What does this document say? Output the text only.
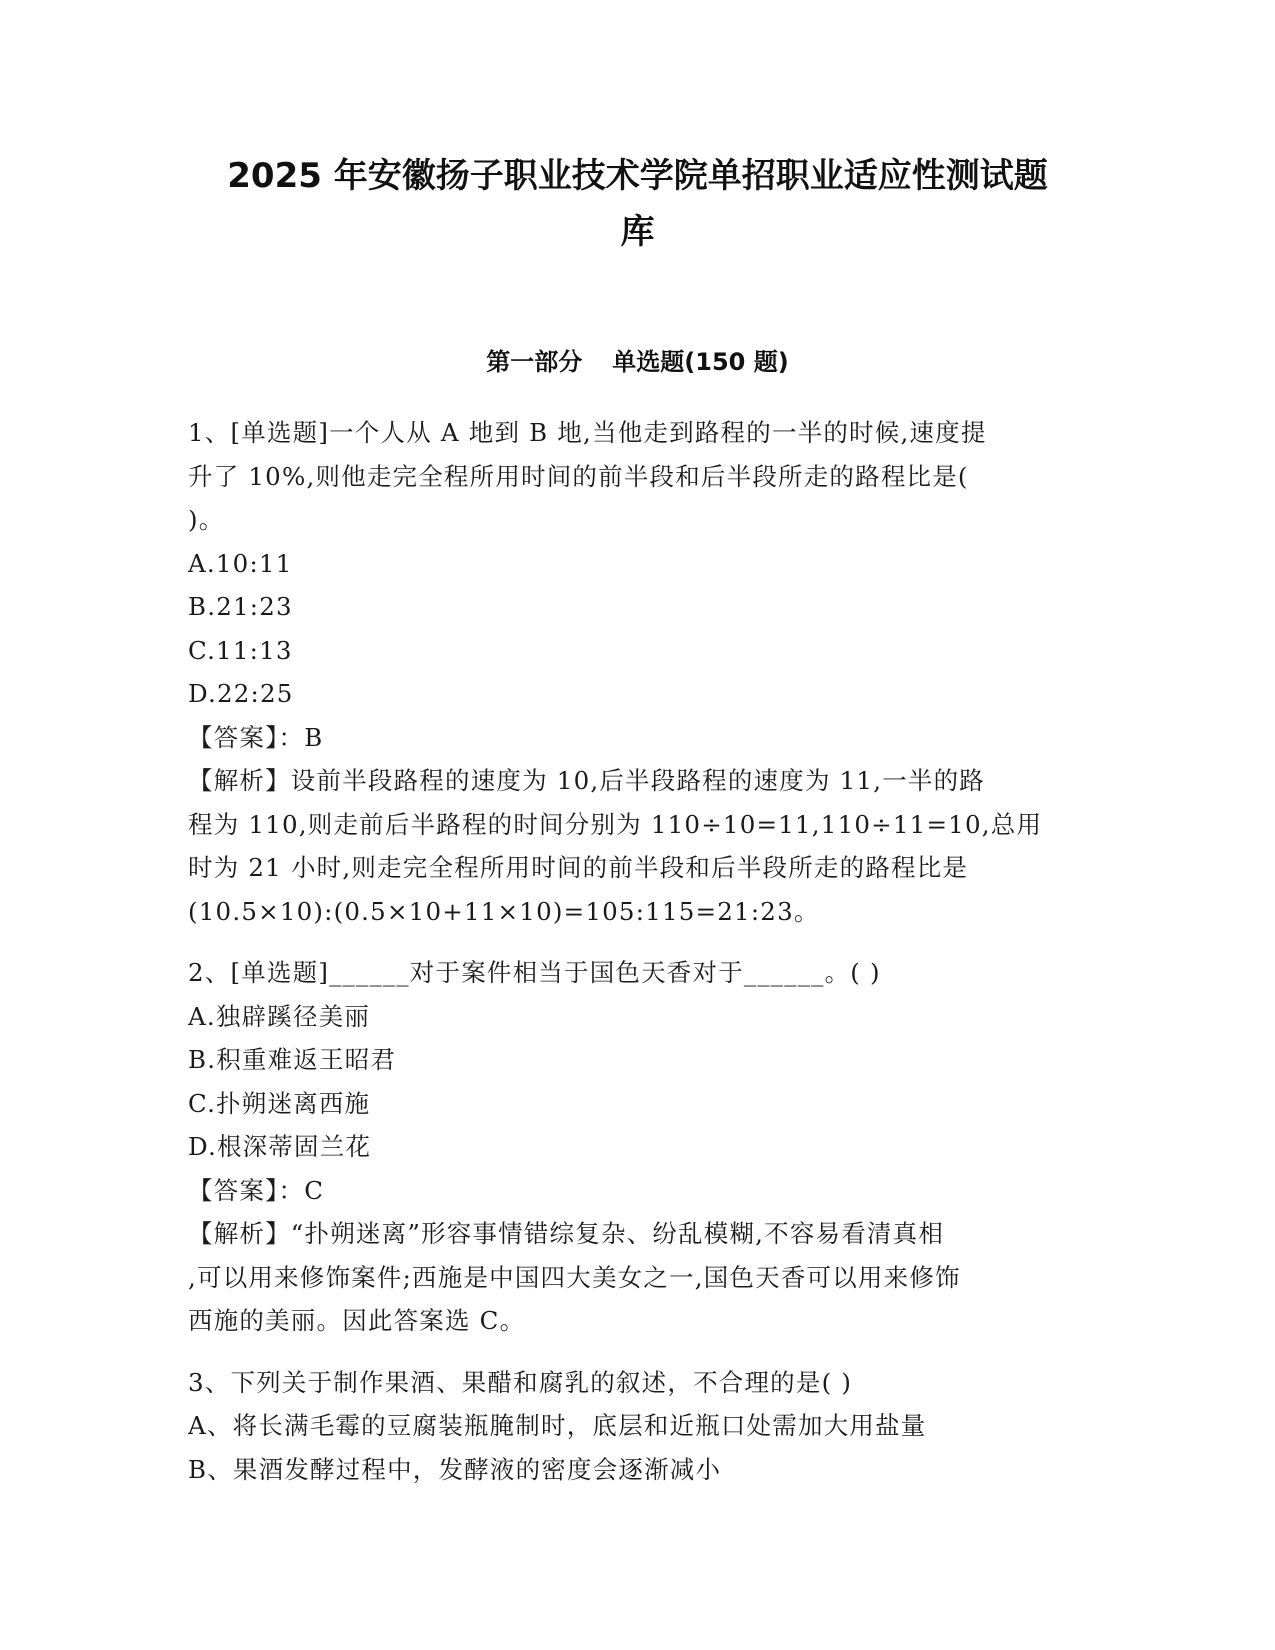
2025 年安徽扬子职业技术学院单招职业适应性测试题
库
第一部分 单选题(150 题)
1、[单选题]一个人从 A 地到 B 地,当他走到路程的一半的时候,速度提
升了 10%,则他走完全程所用时间的前半段和后半段所走的路程比是(
)。
A.10:11
B.21:23
C.11:13
D.22:25
【答案】：B
【解析】设前半段路程的速度为 10,后半段路程的速度为 11,一半的路
程为 110,则走前后半路程的时间分别为 110÷10=11,110÷11=10,总用
时为 21 小时,则走完全程所用时间的前半段和后半段所走的路程比是
(10.5×10):(0.5×10+11×10)=105:115=21:23。
2、[单选题]______对于案件相当于国色天香对于______。( )
A.独辟蹊径美丽
B.积重难返王昭君
C.扑朔迷离西施
D.根深蒂固兰花
【答案】：C
【解析】“扑朔迷离”形容事情错综复杂、纷乱模糊,不容易看清真相
,可以用来修饰案件;西施是中国四大美女之一,国色天香可以用来修饰
西施的美丽。因此答案选 C。
3、下列关于制作果酒、果醋和腐乳的叙述，不合理的是( )
A、将长满毛霉的豆腐装瓶腌制时，底层和近瓶口处需加大用盐量
B、果酒发酵过程中，发酵液的密度会逐渐减小
